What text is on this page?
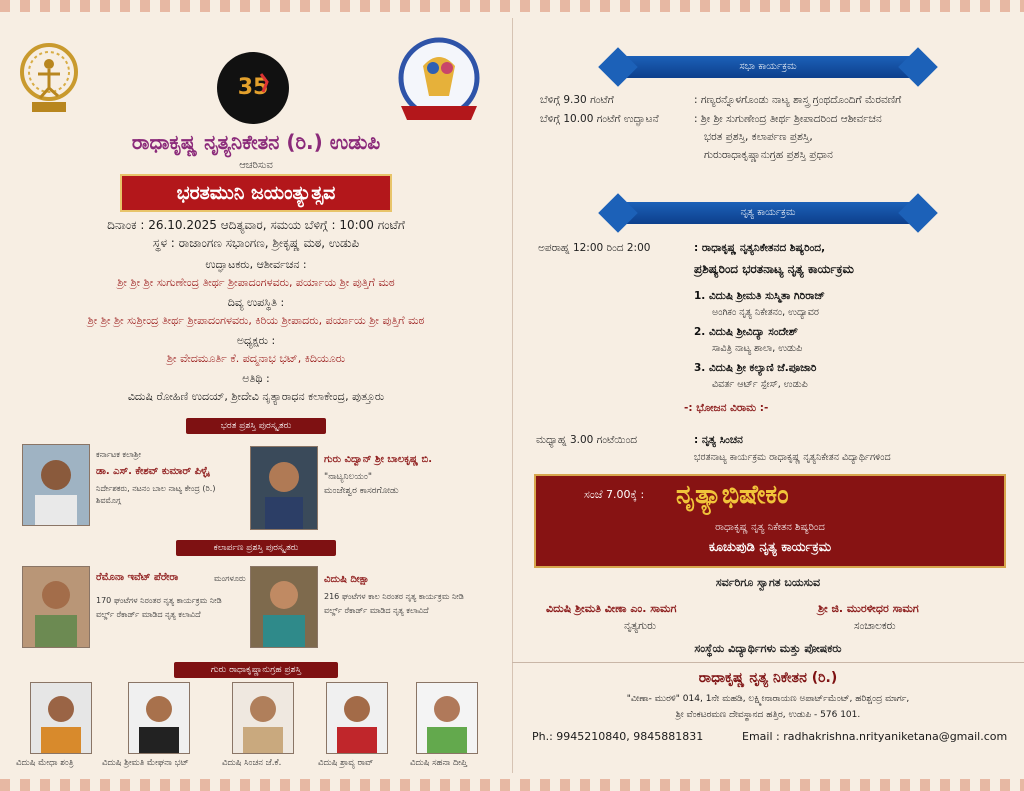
35
ರಾಧಾಕೃಷ್ಣ ನೃತ್ಯನಿಕೇತನ (ರಿ.) ಉಡುಪಿ
ಆಚರಿಸುವ
ಭರತಮುನಿ ಜಯಂತ್ಯುತ್ಸವ
ದಿನಾಂಕ : 26.10.2025 ಆದಿತ್ಯವಾರ, ಸಮಯ ಬೆಳಿಗ್ಗೆ : 10:00 ಗಂಟೆಗೆ
ಸ್ಥಳ : ರಾಜಾಂಗಣ ಸಭಾಂಗಣ, ಶ್ರೀಕೃಷ್ಣ ಮಠ, ಉಡುಪಿ
ಉದ್ಘಾಟಕರು, ಆಶೀರ್ವಚನ :
ಶ್ರೀ ಶ್ರೀ ಶ್ರೀ ಸುಗುಣೇಂದ್ರ ತೀರ್ಥ ಶ್ರೀಪಾದಂಗಳವರು, ಪರ್ಯಾಯ ಶ್ರೀ ಪುತ್ತಿಗೆ ಮಠ
ದಿವ್ಯ ಉಪಸ್ಥಿತಿ :
ಶ್ರೀ ಶ್ರೀ ಶ್ರೀ ಸುಶ್ರೀಂದ್ರ ತೀರ್ಥ ಶ್ರೀಪಾದಂಗಳವರು, ಕಿರಿಯ ಶ್ರೀಪಾದರು, ಪರ್ಯಾಯ ಶ್ರೀ ಪುತ್ತಿಗೆ ಮಠ
ಅಧ್ಯಕ್ಷರು :
ಶ್ರೀ ವೇದಮೂರ್ತಿ ಕೆ. ಪದ್ಮನಾಭ ಭಟ್, ಕಿದಿಯೂರು
ಅತಿಥಿ :
ವಿದುಷಿ ರೋಹಿಣಿ ಉದಯ್, ಶ್ರೀದೇವಿ ನೃತ್ಯಾರಾಧನ ಕಲಾಕೇಂದ್ರ, ಪುತ್ತೂರು
ಭರತ ಪ್ರಶಸ್ತಿ ಪುರಸ್ಕೃತರು
ಕರ್ನಾಟಕ ಕಲಾಶ್ರೀ
ಡಾ. ಎಸ್. ಕೇಶವ್ ಕುಮಾರ್ ಪಿಳ್ಳೈ
ನಿರ್ದೇಶಕರು, ನಟನಂ ಬಾಲ ನಾಟ್ಯ ಕೇಂದ್ರ (ರಿ.)
ಶಿವಮೊಗ್ಗ
ಗುರು ವಿದ್ವಾನ್ ಶ್ರೀ ಬಾಲಕೃಷ್ಣ ಬಿ.
"ನಾಟ್ಯನಿಲಯಂ"
ಮಂಜೇಶ್ವರ ಕಾಸರಗೋಡು
ಕಲಾರ್ಪಣ ಪ್ರಶಸ್ತಿ ಪುರಸ್ಕೃತರು
ರೆಮೊನಾ ಇವೆಟ್ ಪೆರೇರಾ	ಮಂಗಳೂರು
170 ಘಂಟೆಗಳ ನಿರಂತರ ನೃತ್ಯ ಕಾರ್ಯಕ್ರಮ ನೀಡಿ
ವರ್ಲ್ಡ್ ರೆಕಾರ್ಡ್ ಮಾಡಿದ ನೃತ್ಯ ಕಲಾವಿದೆ
ವಿದುಷಿ ದೀಕ್ಷಾ
216 ಘಂಟೆಗಳ ಕಾಲ ನಿರಂತರ ನೃತ್ಯ ಕಾರ್ಯಕ್ರಮ ನೀಡಿ
ವರ್ಲ್ಡ್ ರೆಕಾರ್ಡ್ ಮಾಡಿದ ನೃತ್ಯ ಕಲಾವಿದೆ
ಗುರು ರಾಧಾಕೃಷ್ಣಾನುಗ್ರಹ ಪ್ರಶಸ್ತಿ
ವಿದುಷಿ ಮೇಧಾ ಶಂತ್ರಿ	ವಿದುಷಿ ಶ್ರೀಮತಿ ಮೇಘನಾ ಭಟ್	ವಿದುಷಿ ಸಿಂಚನ ಜೆ.ಕೆ.	ವಿದುಷಿ ಶ್ರಾವ್ಯ ರಾವ್	ವಿದುಷಿ ಸಹನಾ ದೀಪ್ತಿ
ಸಭಾ ಕಾರ್ಯಕ್ರಮ
ಬೆಳಿಗ್ಗೆ 9.30 ಗಂಟೆಗೆ	: ಗಣ್ಯರನ್ನೊಳಗೊಂಡು ನಾಟ್ಯ ಶಾಸ್ತ್ರ ಗ್ರಂಥದೊಂದಿಗೆ ಮೆರವಣಿಗೆ
ಬೆಳಿಗ್ಗೆ 10.00 ಗಂಟೆಗೆ ಉದ್ಘಾಟನೆ	: ಶ್ರೀ ಶ್ರೀ ಸುಗುಣೇಂದ್ರ ತೀರ್ಥ ಶ್ರೀಪಾದರಿಂದ ಆಶೀರ್ವಚನ
ಭರತ ಪ್ರಶಸ್ತಿ, ಕಲಾರ್ಪಣ ಪ್ರಶಸ್ತಿ,
ಗುರುರಾಧಾಕೃಷ್ಣಾನುಗ್ರಹ ಪ್ರಶಸ್ತಿ ಪ್ರಧಾನ
ನೃತ್ಯ ಕಾರ್ಯಕ್ರಮ
ಅಪರಾಹ್ನ 12:00 ರಿಂದ 2:00	: ರಾಧಾಕೃಷ್ಣ ನೃತ್ಯನಿಕೇತನದ ಶಿಷ್ಯರಿಂದ,
ಪ್ರಶಿಷ್ಯರಿಂದ ಭರತನಾಟ್ಯ ನೃತ್ಯ ಕಾರ್ಯಕ್ರಮ
1. ವಿದುಷಿ ಶ್ರೀಮತಿ ಸುಸ್ಮಿತಾ ಗಿರಿರಾಜ್
ಅಂಗಿಕಂ ನೃತ್ಯ ನಿಕೇತನಂ, ಉದ್ಯಾವರ
2. ವಿದುಷಿ ಶ್ರೀವಿದ್ಯಾ ಸಂದೇಶ್
ಸಾವಿತ್ರಿ ನಾಟ್ಯ ಶಾಲಾ, ಉಡುಪಿ
3. ವಿದುಷಿ ಶ್ರೀ ಕಲ್ಯಾಣಿ ಜೆ.ಪೂಜಾರಿ
ವಿವರ್ತ ಆರ್ಟ್ ಸ್ಪೇಸ್, ಉಡುಪಿ
-: ಭೋಜನ ವಿರಾಮ :-
ಮಧ್ಯಾಹ್ನ 3.00 ಗಂಟೆಯಿಂದ	: ನೃತ್ಯ ಸಿಂಚನ
ಭರತನಾಟ್ಯ ಕಾರ್ಯಕ್ರಮ ರಾಧಾಕೃಷ್ಣ ನೃತ್ಯನಿಕೇತನ ವಿದ್ಯಾರ್ಥಿಗಳಿಂದ
ಸಂಜೆ 7.00ಕ್ಕೆ : ನೃತ್ಯಾಭಿಷೇಕಂ
ರಾಧಾಕೃಷ್ಣ ನೃತ್ಯ ನಿಕೇತನ ಶಿಷ್ಯರಿಂದ
ಕೂಚುಪುಡಿ ನೃತ್ಯ ಕಾರ್ಯಕ್ರಮ
ಸರ್ವರಿಗೂ ಸ್ವಾಗತ ಬಯಸುವ
ವಿದುಷಿ ಶ್ರೀಮತಿ ವೀಣಾ ಎಂ. ಸಾಮಗ
ನೃತ್ಯಗುರು
ಶ್ರೀ ಜಿ. ಮುರಳೀಧರ ಸಾಮಗ
ಸಂಚಾಲಕರು
ಸಂಸ್ಥೆಯ ವಿದ್ಯಾರ್ಥಿಗಳು ಮತ್ತು ಪೋಷಕರು
ರಾಧಾಕೃಷ್ಣ ನೃತ್ಯ ನಿಕೇತನ (ರಿ.)
"ವೀಣಾ- ಮುರಳಿ" 014, 1ನೇ ಮಹಡಿ, ಲಕ್ಷ್ಮೀನಾರಾಯಣ ಅಪಾರ್ಟ್‌ಮೆಂಟ್, ಹರಿಶ್ಚಂದ್ರ ಮಾರ್ಗ,
ಶ್ರೀ ವೆಂಕಟರಮಣ ದೇವಸ್ಥಾನದ ಹತ್ತಿರ, ಉಡುಪಿ - 576 101.
Ph.: 9945210840, 9845881831	Email : radhakrishna.nrityaniketana@gmail.com
